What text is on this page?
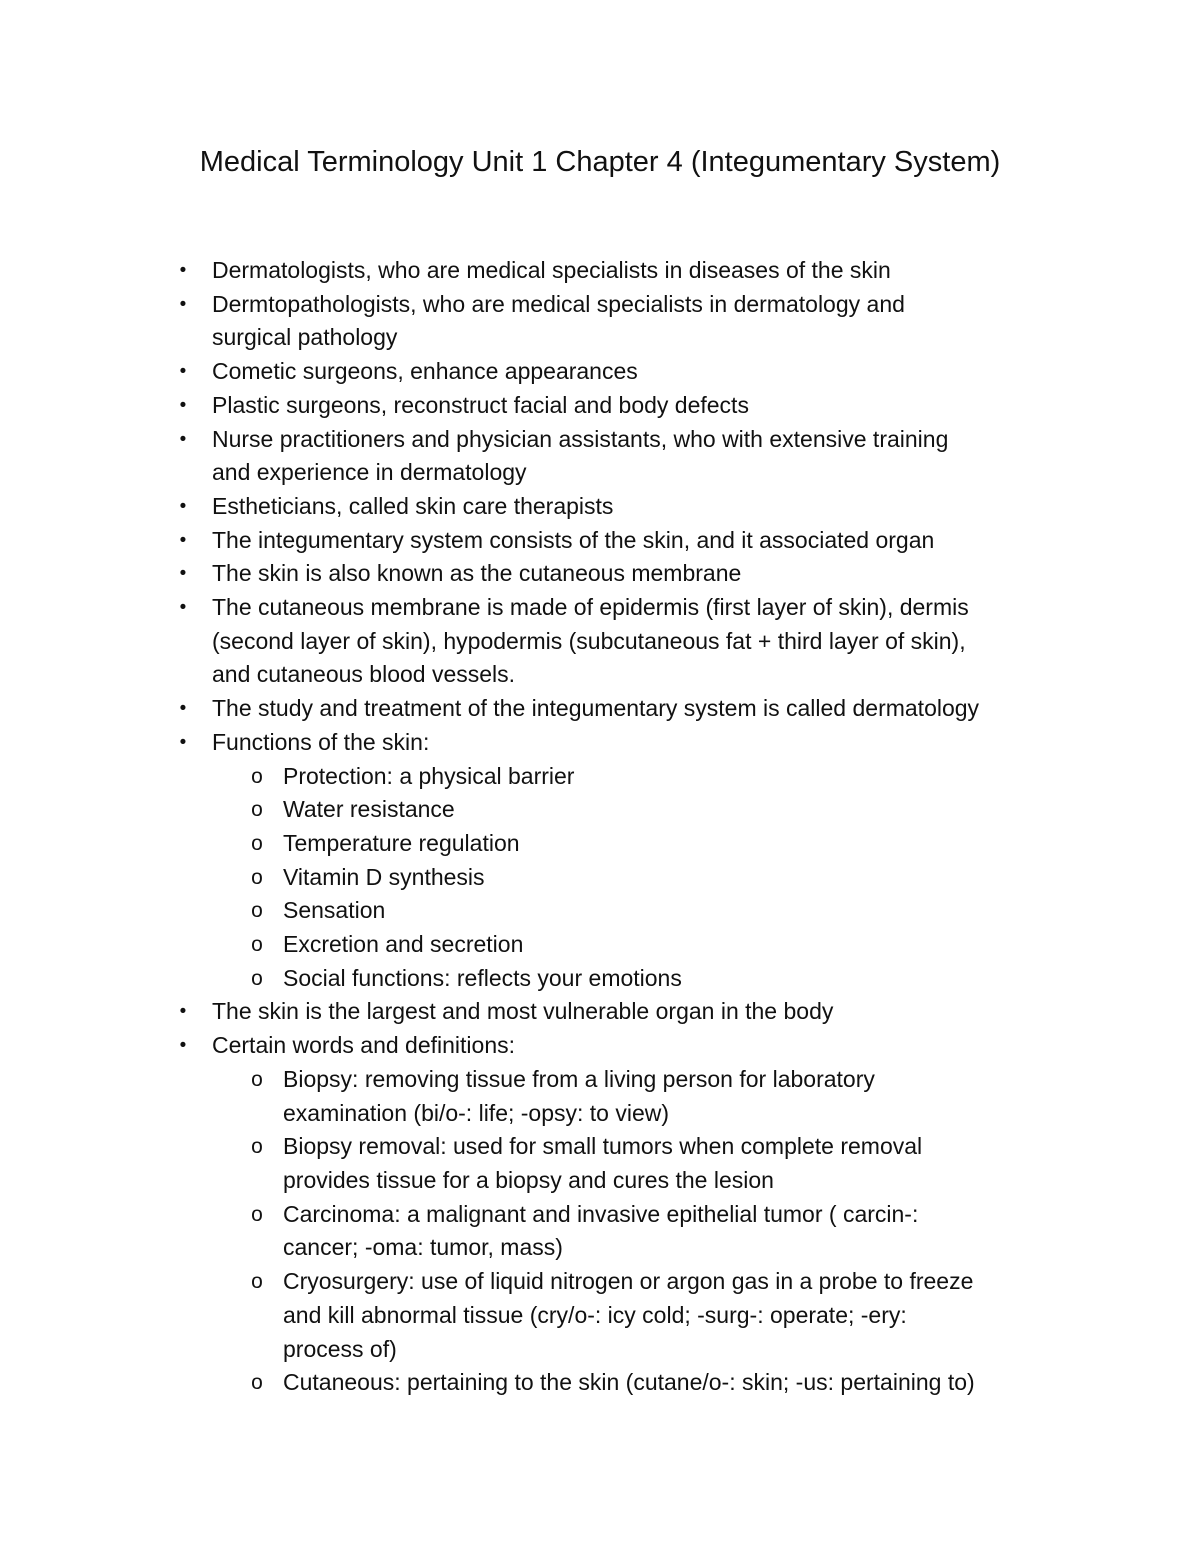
Medical Terminology Unit 1 Chapter 4 (Integumentary System)
• Dermatologists, who are medical specialists in diseases of the skin
• Dermtopathologists, who are medical specialists in dermatology and
surgical pathology
• Cometic surgeons, enhance appearances
• Plastic surgeons, reconstruct facial and body defects
• Nurse practitioners and physician assistants, who with extensive training
and experience in dermatology
• Estheticians, called skin care therapists
• The integumentary system consists of the skin, and it associated organ
• The skin is also known as the cutaneous membrane
• The cutaneous membrane is made of epidermis (first layer of skin), dermis
(second layer of skin), hypodermis (subcutaneous fat + third layer of skin),
and cutaneous blood vessels.
• The study and treatment of the integumentary system is called dermatology
• Functions of the skin:
o Protection: a physical barrier
o Water resistance
o Temperature regulation
o Vitamin D synthesis
o Sensation
o Excretion and secretion
o Social functions: reflects your emotions
• The skin is the largest and most vulnerable organ in the body
• Certain words and definitions:
o Biopsy: removing tissue from a living person for laboratory
examination (bi/o-: life; -opsy: to view)
o Biopsy removal: used for small tumors when complete removal
provides tissue for a biopsy and cures the lesion
o Carcinoma: a malignant and invasive epithelial tumor ( carcin-:
cancer; -oma: tumor, mass)
o Cryosurgery: use of liquid nitrogen or argon gas in a probe to freeze
and kill abnormal tissue (cry/o-: icy cold; -surg-: operate; -ery:
process of)
o Cutaneous: pertaining to the skin (cutane/o-: skin; -us: pertaining to)
